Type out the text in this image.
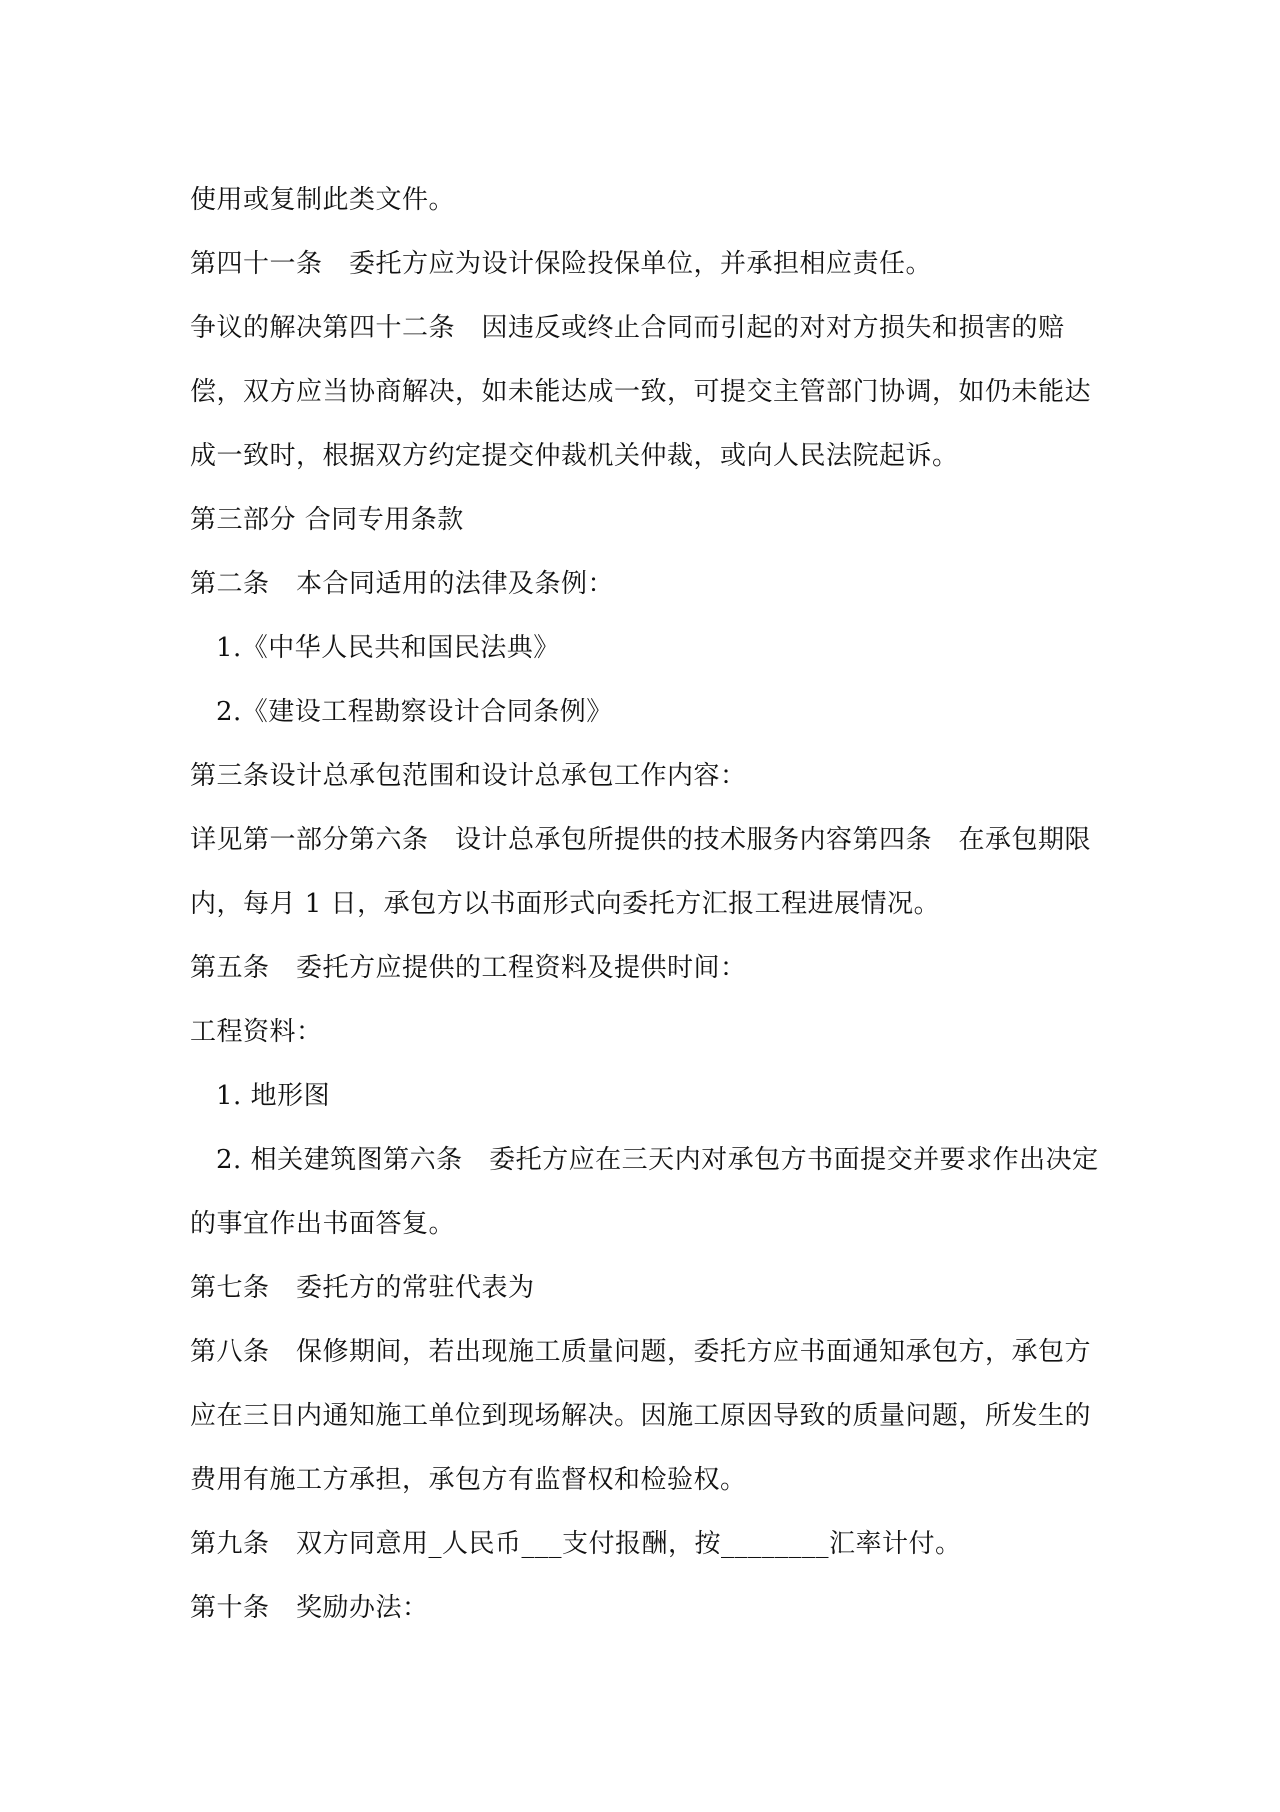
使用或复制此类文件。
第四十一条　委托方应为设计保险投保单位，并承担相应责任。
争议的解决第四十二条　因违反或终止合同而引起的对对方损失和损害的赔
偿，双方应当协商解决，如未能达成一致，可提交主管部门协调，如仍未能达
成一致时，根据双方约定提交仲裁机关仲裁，或向人民法院起诉。
第三部分 合同专用条款
第二条　本合同适用的法律及条例：
1.《中华人民共和国民法典》
2.《建设工程勘察设计合同条例》
第三条设计总承包范围和设计总承包工作内容：
详见第一部分第六条　设计总承包所提供的技术服务内容第四条　在承包期限
内，每月 1 日，承包方以书面形式向委托方汇报工程进展情况。
第五条　委托方应提供的工程资料及提供时间：
工程资料：
1. 地形图
2. 相关建筑图第六条　委托方应在三天内对承包方书面提交并要求作出决定
的事宜作出书面答复。
第七条　委托方的常驻代表为
第八条　保修期间，若出现施工质量问题，委托方应书面通知承包方，承包方
应在三日内通知施工单位到现场解决。因施工原因导致的质量问题，所发生的
费用有施工方承担，承包方有监督权和检验权。
第九条　双方同意用_人民币___支付报酬，按________汇率计付。
第十条　奖励办法：
